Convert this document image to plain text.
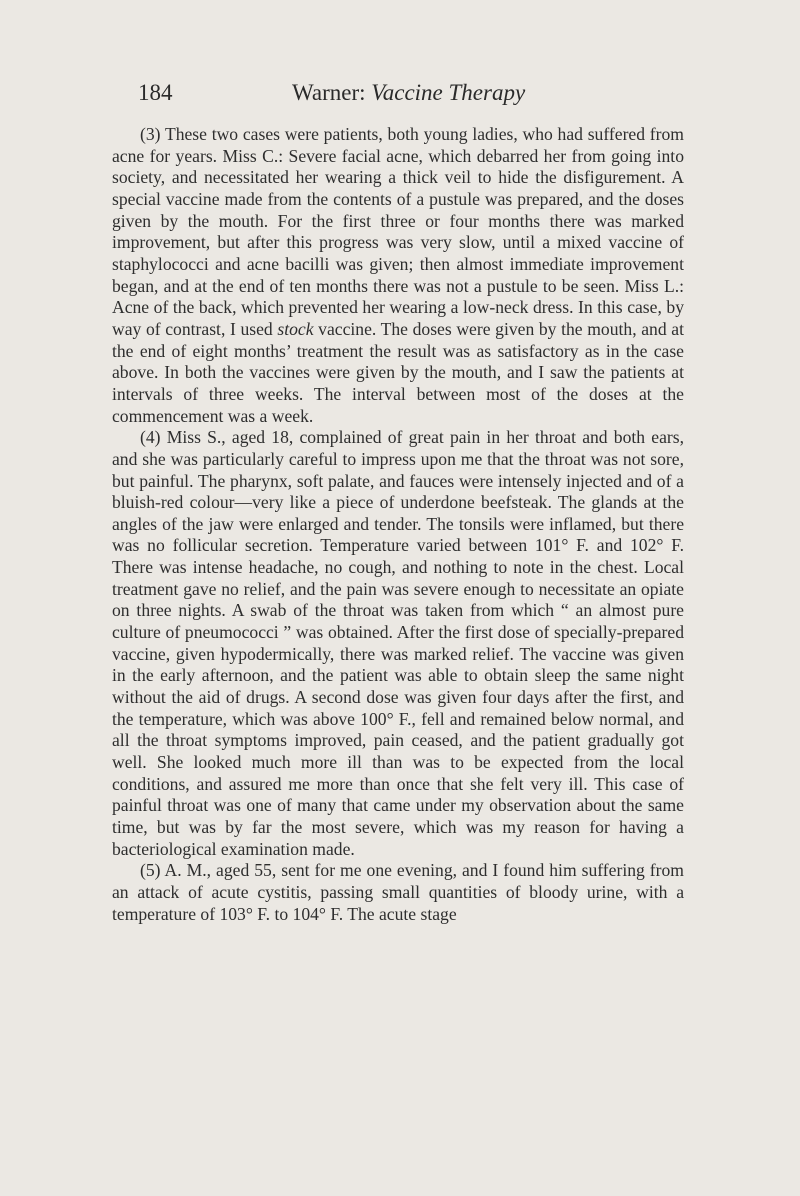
184	Warner: Vaccine Therapy

(3) These two cases were patients, both young ladies, who had suffered from acne for years. Miss C.: Severe facial acne, which debarred her from going into society, and necessitated her wearing a thick veil to hide the disfigurement. A special vaccine made from the contents of a pustule was prepared, and the doses given by the mouth. For the first three or four months there was marked improvement, but after this progress was very slow, until a mixed vaccine of staphylococci and acne bacilli was given; then almost immediate improvement began, and at the end of ten months there was not a pustule to be seen. Miss L.: Acne of the back, which prevented her wearing a low-neck dress. In this case, by way of contrast, I used stock vaccine. The doses were given by the mouth, and at the end of eight months’ treatment the result was as satisfactory as in the case above. In both the vaccines were given by the mouth, and I saw the patients at intervals of three weeks. The interval between most of the doses at the commencement was a week.

(4) Miss S., aged 18, complained of great pain in her throat and both ears, and she was particularly careful to impress upon me that the throat was not sore, but painful. The pharynx, soft palate, and fauces were intensely injected and of a bluish-red colour—very like a piece of underdone beefsteak. The glands at the angles of the jaw were enlarged and tender. The tonsils were inflamed, but there was no follicular secretion. Temperature varied between 101° F. and 102° F. There was intense headache, no cough, and nothing to note in the chest. Local treatment gave no relief, and the pain was severe enough to necessitate an opiate on three nights. A swab of the throat was taken from which “ an almost pure culture of pneumococci ” was obtained. After the first dose of specially-prepared vaccine, given hypodermically, there was marked relief. The vaccine was given in the early afternoon, and the patient was able to obtain sleep the same night without the aid of drugs. A second dose was given four days after the first, and the temperature, which was above 100° F., fell and remained below normal, and all the throat symptoms improved, pain ceased, and the patient gradually got well. She looked much more ill than was to be expected from the local conditions, and assured me more than once that she felt very ill. This case of painful throat was one of many that came under my observation about the same time, but was by far the most severe, which was my reason for having a bacteriological examination made.

(5) A. M., aged 55, sent for me one evening, and I found him suffering from an attack of acute cystitis, passing small quantities of bloody urine, with a temperature of 103° F. to 104° F. The acute stage
